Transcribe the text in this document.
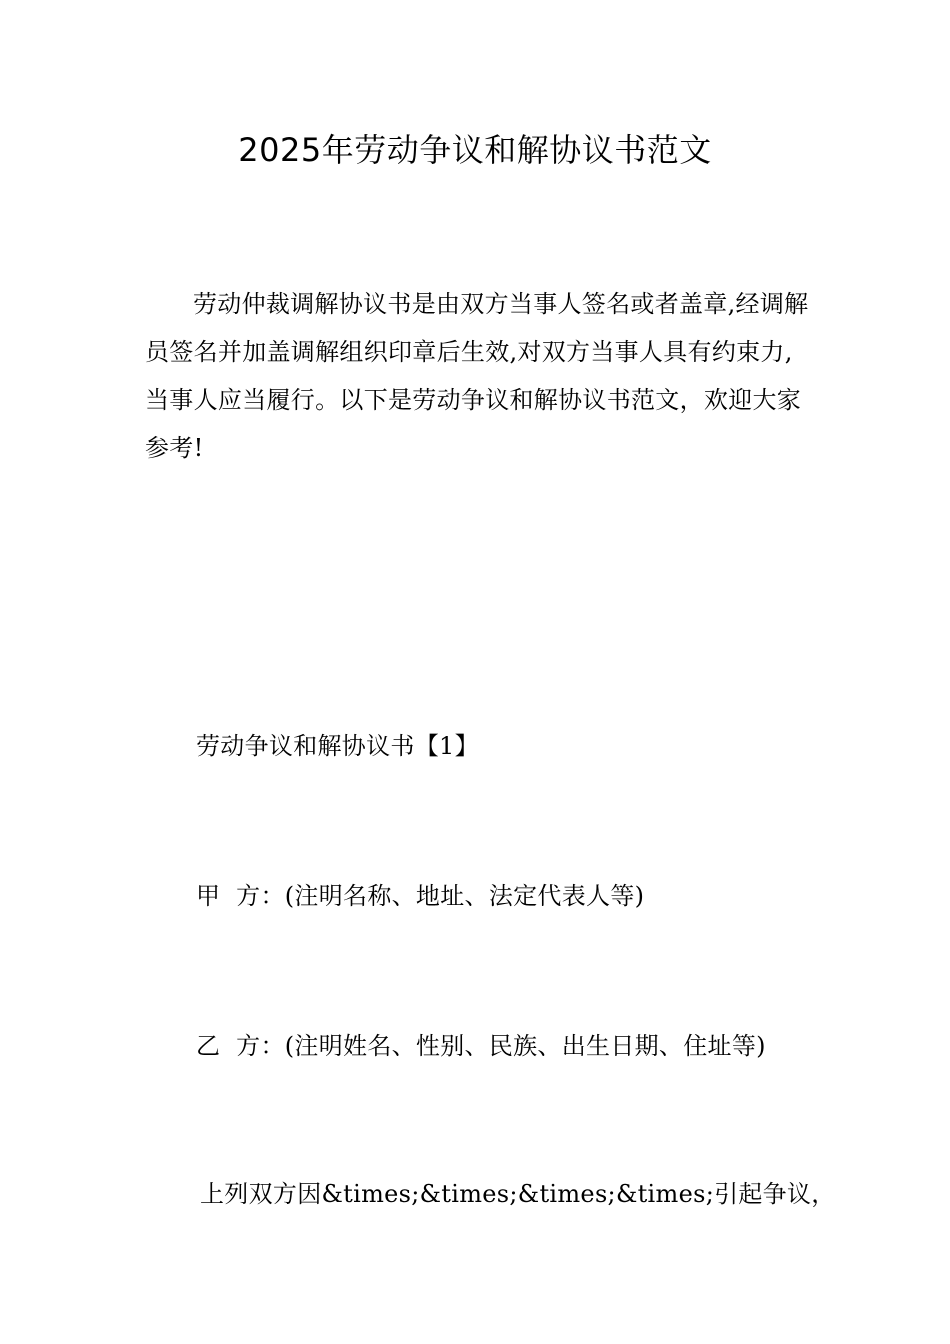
2025年劳动争议和解协议书范文

劳动仲裁调解协议书是由双方当事人签名或者盖章,经调解员签名并加盖调解组织印章后生效,对双方当事人具有约束力,当事人应当履行。以下是劳动争议和解协议书范文，欢迎大家参考!

劳动争议和解协议书【1】

甲  方：(注明名称、地址、法定代表人等)

乙  方：(注明姓名、性别、民族、出生日期、住址等)

上列双方因&times;&times;&times;&times;引起争议，
